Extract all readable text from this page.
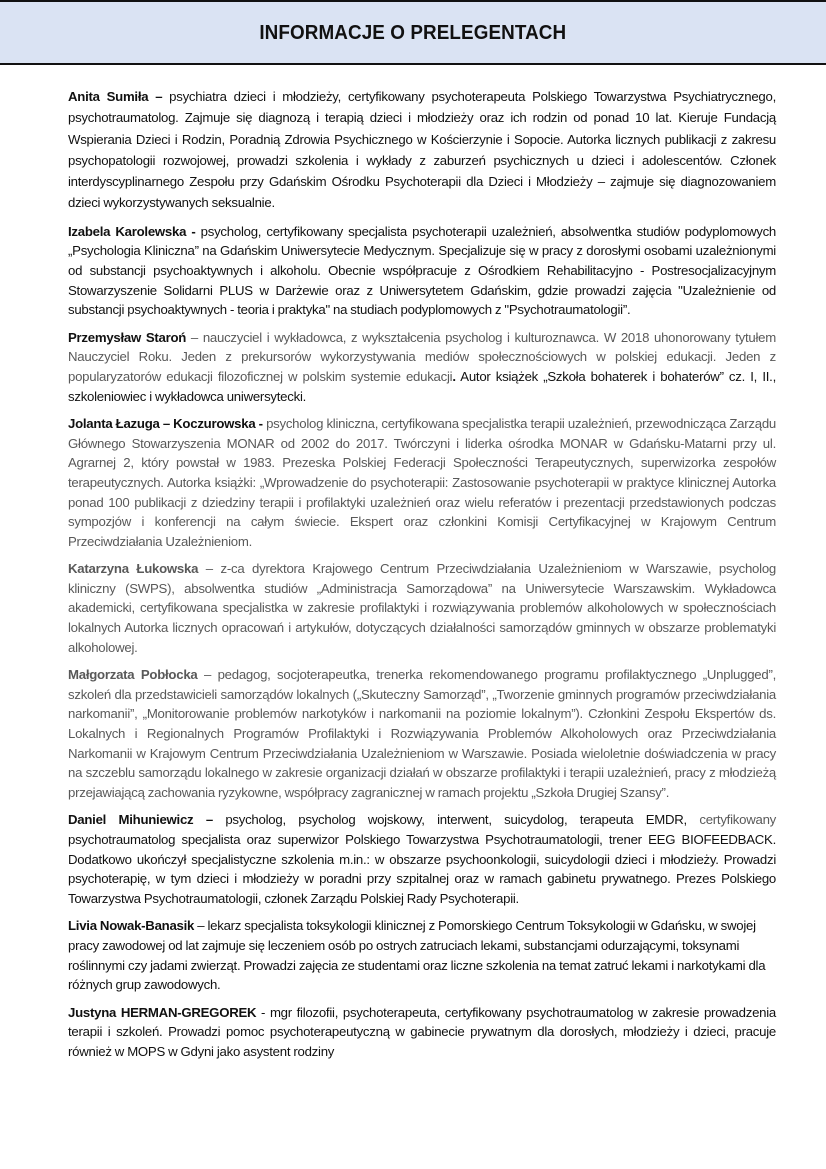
INFORMACJE O PRELEGENTACH

Anita Sumiła – psychiatra dzieci i młodzieży, certyfikowany psychoterapeuta Polskiego Towarzystwa Psychiatrycznego, psychotraumatolog. Zajmuje się diagnozą i terapią dzieci i młodzieży oraz ich rodzin od ponad 10 lat. Kieruje Fundacją Wspierania Dzieci i Rodzin, Poradnią Zdrowia Psychicznego w Kościerzynie i Sopocie. Autorka licznych publikacji z zakresu psychopatologii rozwojowej, prowadzi szkolenia i wykłady z zaburzeń psychicznych u dzieci i adolescentów. Członek interdyscyplinarnego Zespołu przy Gdańskim Ośrodku Psychoterapii dla Dzieci i Młodzieży – zajmuje się diagnozowaniem dzieci wykorzystywanych seksualnie.

Izabela Karolewska - psycholog, certyfikowany specjalista psychoterapii uzależnień, absolwentka studiów podyplomowych „Psychologia Kliniczna” na Gdańskim Uniwersytecie Medycznym. Specjalizuje się w pracy z dorosłymi osobami uzależnionymi od substancji psychoaktywnych i alkoholu. Obecnie współpracuje z Ośrodkiem Rehabilitacyjno - Postresocjalizacyjnym Stowarzyszenie Solidarni PLUS w Darżewie oraz z Uniwersytetem Gdańskim, gdzie prowadzi zajęcia "Uzależnienie od substancji psychoaktywnych - teoria i praktyka" na studiach podyplomowych z "Psychotraumatologii”.

Przemysław Staroń – nauczyciel i wykładowca, z wykształcenia psycholog i kulturoznawca. W 2018 uhonorowany tytułem Nauczyciel Roku. Jeden z prekursorów wykorzystywania mediów społecznościowych w polskiej edukacji. Jeden z popularyzatorów edukacji filozoficznej w polskim systemie edukacji. Autor książek „Szkoła bohaterek i bohaterów” cz. I, II., szkoleniowiec i wykładowca uniwersytecki.

Jolanta Łazuga – Koczurowska - psycholog kliniczna, certyfikowana specjalistka terapii uzależnień, przewodnicząca Zarządu Głównego Stowarzyszenia MONAR od 2002 do 2017. Twórczyni i liderka ośrodka MONAR w Gdańsku-Matarni przy ul. Agrarnej 2, który powstał w 1983. Prezeska Polskiej Federacji Społeczności Terapeutycznych, superwizorka zespołów terapeutycznych. Autorka książki: „Wprowadzenie do psychoterapii: Zastosowanie psychoterapii w praktyce klinicznej Autorka ponad 100 publikacji z dziedziny terapii i profilaktyki uzależnień oraz wielu referatów i prezentacji przedstawionych podczas sympozjów i konferencji na całym świecie. Ekspert oraz członkini Komisji Certyfikacyjnej w Krajowym Centrum Przeciwdziałania Uzależnieniom.

Katarzyna Łukowska – z-ca dyrektora Krajowego Centrum Przeciwdziałania Uzależnieniom w Warszawie, psycholog kliniczny (SWPS), absolwentka studiów „Administracja Samorządowa” na Uniwersytecie Warszawskim. Wykładowca akademicki, certyfikowana specjalistka w zakresie profilaktyki i rozwiązywania problemów alkoholowych w społecznościach lokalnych Autorka licznych opracowań i artykułów, dotyczących działalności samorządów gminnych w obszarze problematyki alkoholowej.

Małgorzata Pobłocka – pedagog, socjoterapeutka, trenerka rekomendowanego programu profilaktycznego „Unplugged”, szkoleń dla przedstawicieli samorządów lokalnych („Skuteczny Samorząd”, „Tworzenie gminnych programów przeciwdziałania narkomanii”, „Monitorowanie problemów narkotyków i narkomanii na poziomie lokalnym”). Członkini Zespołu Ekspertów ds. Lokalnych i Regionalnych Programów Profilaktyki i Rozwiązywania Problemów Alkoholowych oraz Przeciwdziałania Narkomanii w Krajowym Centrum Przeciwdziałania Uzależnieniom w Warszawie. Posiada wieloletnie doświadczenia w pracy na szczeblu samorządu lokalnego w zakresie organizacji działań w obszarze profilaktyki i terapii uzależnień, pracy z młodzieżą przejawiającą zachowania ryzykowne, współpracy zagranicznej w ramach projektu „Szkoła Drugiej Szansy”.

Daniel Mihuniewicz – psycholog, psycholog wojskowy, interwent, suicydolog, terapeuta EMDR, certyfikowany psychotraumatolog specjalista oraz superwizor Polskiego Towarzystwa Psychotraumatologii, trener EEG BIOFEEDBACK. Dodatkowo ukończył specjalistyczne szkolenia m.in.: w obszarze psychoonkologii, suicydologii dzieci i młodzieży. Prowadzi psychoterapię, w tym dzieci i młodzieży w poradni przy szpitalnej oraz w ramach gabinetu prywatnego. Prezes Polskiego Towarzystwa Psychotraumatologii, członek Zarządu Polskiej Rady Psychoterapii.

Livia Nowak-Banasik – lekarz specjalista toksykologii klinicznej z Pomorskiego Centrum Toksykologii w Gdańsku, w swojej pracy zawodowej od lat zajmuje się leczeniem osób po ostrych zatruciach lekami, substancjami odurzającymi, toksynami roślinnymi czy jadami zwierząt. Prowadzi zajęcia ze studentami oraz liczne szkolenia na temat zatruć lekami i narkotykami dla różnych grup zawodowych.

Justyna HERMAN-GREGOREK - mgr filozofii, psychoterapeuta, certyfikowany psychotraumatolog w zakresie prowadzenia terapii i szkoleń. Prowadzi pomoc psychoterapeutyczną w gabinecie prywatnym dla dorosłych, młodzieży i dzieci, pracuje również w MOPS w Gdyni jako asystent rodziny
